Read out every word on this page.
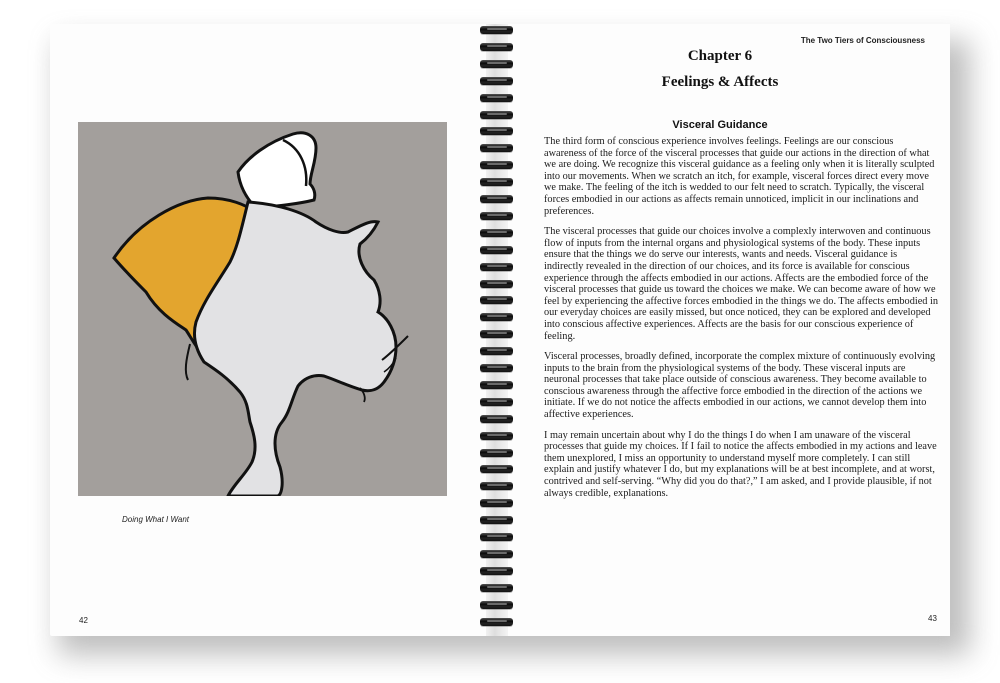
Doing What I Want
42
The Two Tiers of Consciousness
Chapter 6
Feelings & Affects
Visceral Guidance

The third form of conscious experience involves feelings. Feelings are our conscious awareness of the force of the visceral processes that guide our actions in the direction of what we are doing. We recognize this visceral guidance as a feeling only when it is literally sculpted into our movements. When we scratch an itch, for example, visceral forces direct every move we make. The feeling of the itch is wedded to our felt need to scratch. Typically, the visceral forces embodied in our actions as affects remain unnoticed, implicit in our inclinations and preferences.

The visceral processes that guide our choices involve a complexly interwoven and continuous flow of inputs from the internal organs and physiological systems of the body. These inputs ensure that the things we do serve our interests, wants and needs. Visceral guidance is indirectly revealed in the direction of our choices, and its force is available for conscious experience through the affects embodied in our actions. Affects are the embodied force of the visceral processes that guide us toward the choices we make. We can become aware of how we feel by experiencing the affective forces embodied in the things we do. The affects embodied in our everyday choices are easily missed, but once noticed, they can be explored and developed into conscious affective experiences. Affects are the basis for our conscious experience of feeling.

Visceral processes, broadly defined, incorporate the complex mixture of continuously evolving inputs to the brain from the physiological systems of the body. These visceral inputs are neuronal processes that take place outside of conscious awareness. They become available to conscious awareness through the affective force embodied in the direction of the actions we initiate. If we do not notice the affects embodied in our actions, we cannot develop them into affective experiences.

I may remain uncertain about why I do the things I do when I am unaware of the visceral processes that guide my choices. If I fail to notice the affects embodied in my actions and leave them unexplored, I miss an opportunity to understand myself more completely. I can still explain and justify whatever I do, but my explanations will be at best incomplete, and at worst, contrived and self-serving. “Why did you do that?,” I am asked, and I provide plausible, if not always credible, explanations.

43
